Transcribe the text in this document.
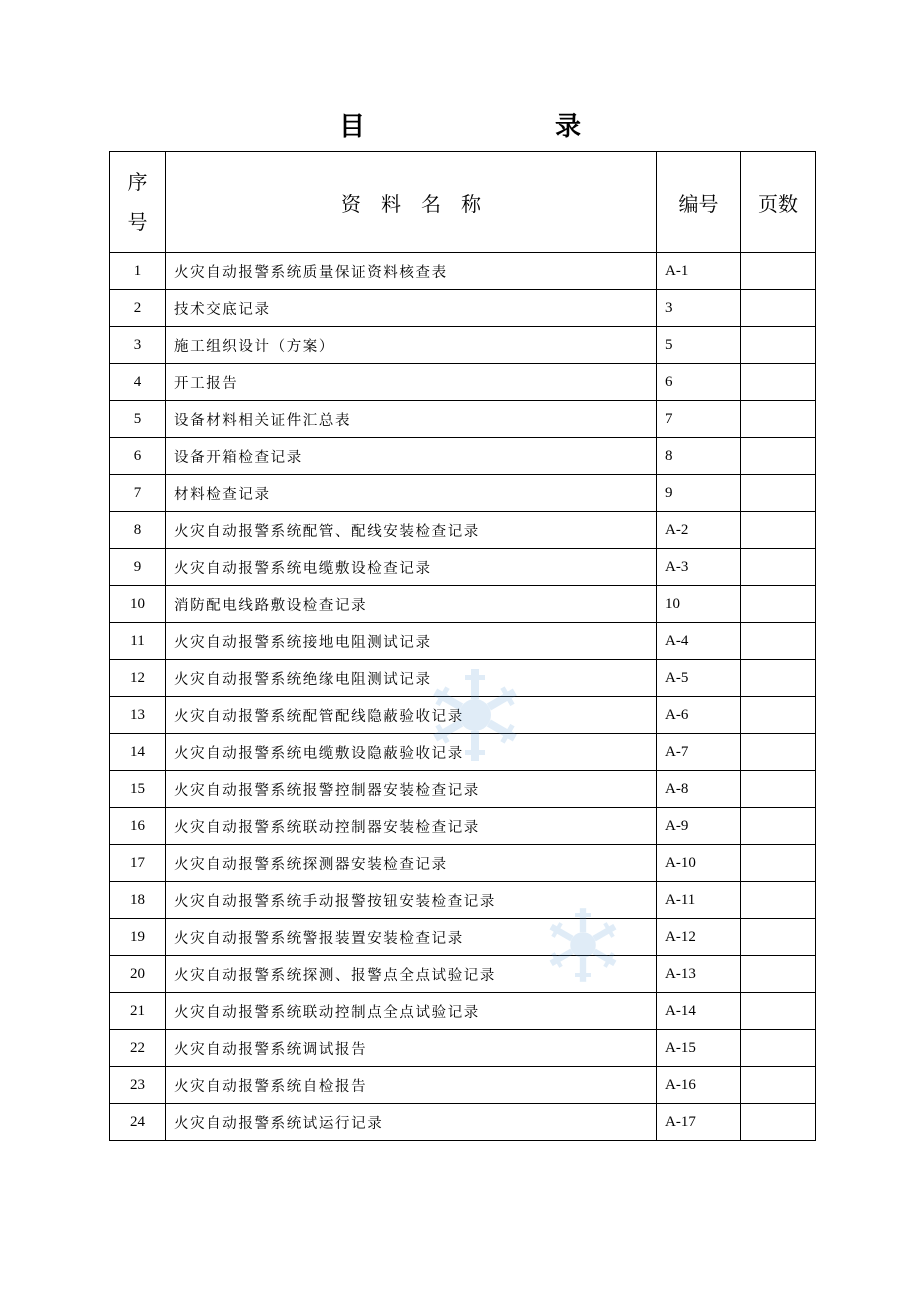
目　录
序
号	资料名称	编号	页数
1	火灾自动报警系统质量保证资料核查表	A-1	
2	技术交底记录	3	
3	施工组织设计（方案）	5	
4	开工报告	6	
5	设备材料相关证件汇总表	7	
6	设备开箱检查记录	8	
7	材料检查记录	9	
8	火灾自动报警系统配管、配线安装检查记录	A-2	
9	火灾自动报警系统电缆敷设检查记录	A-3	
10	消防配电线路敷设检查记录	10	
11	火灾自动报警系统接地电阻测试记录	A-4	
12	火灾自动报警系统绝缘电阻测试记录	A-5	
13	火灾自动报警系统配管配线隐蔽验收记录	A-6	
14	火灾自动报警系统电缆敷设隐蔽验收记录	A-7	
15	火灾自动报警系统报警控制器安装检查记录	A-8	
16	火灾自动报警系统联动控制器安装检查记录	A-9	
17	火灾自动报警系统探测器安装检查记录	A-10	
18	火灾自动报警系统手动报警按钮安装检查记录	A-11	
19	火灾自动报警系统警报装置安装检查记录	A-12	
20	火灾自动报警系统探测、报警点全点试验记录	A-13	
21	火灾自动报警系统联动控制点全点试验记录	A-14	
22	火灾自动报警系统调试报告	A-15	
23	火灾自动报警系统自检报告	A-16	
24	火灾自动报警系统试运行记录	A-17	
